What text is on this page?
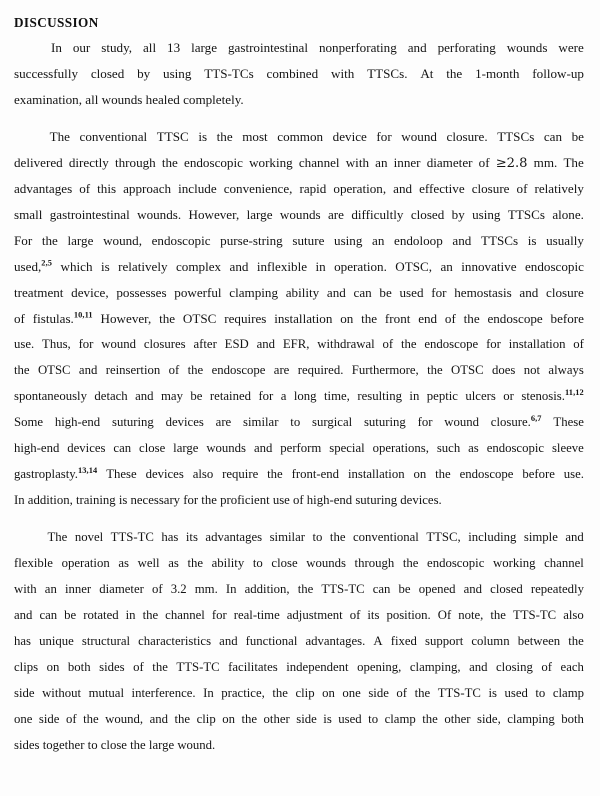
DISCUSSION
In our study, all 13 large gastrointestinal nonperforating and perforating wounds were
successfully closed by using TTS-TCs combined with TTSCs. At the 1-month follow-up
examination, all wounds healed completely.
The conventional TTSC is the most common device for wound closure. TTSCs can be
delivered directly through the endoscopic working channel with an inner diameter of ≥2.8 mm. The
advantages of this approach include convenience, rapid operation, and effective closure of relatively
small gastrointestinal wounds. However, large wounds are difficultly closed by using TTSCs alone.
For the large wound, endoscopic purse-string suture using an endoloop and TTSCs is usually
used,$^{2,5}$ which is relatively complex and inflexible in operation. OTSC, an innovative endoscopic
treatment device, possesses powerful clamping ability and can be used for hemostasis and closure
of fistulas.$^{10,11}$ However, the OTSC requires installation on the front end of the endoscope before
use. Thus, for wound closures after ESD and EFR, withdrawal of the endoscope for installation of
the OTSC and reinsertion of the endoscope are required. Furthermore, the OTSC does not always
spontaneously detach and may be retained for a long time, resulting in peptic ulcers or stenosis.$^{11,12}$
Some high-end suturing devices are similar to surgical suturing for wound closure.$^{6,7}$ These
high-end devices can close large wounds and perform special operations, such as endoscopic sleeve
gastroplasty.$^{13,14}$ These devices also require the front-end installation on the endoscope before use.
In addition, training is necessary for the proficient use of high-end suturing devices.
The novel TTS-TC has its advantages similar to the conventional TTSC, including simple and
flexible operation as well as the ability to close wounds through the endoscopic working channel
with an inner diameter of 3.2 mm. In addition, the TTS-TC can be opened and closed repeatedly
and can be rotated in the channel for real-time adjustment of its position. Of note, the TTS-TC also
has unique structural characteristics and functional advantages. A fixed support column between the
clips on both sides of the TTS-TC facilitates independent opening, clamping, and closing of each
side without mutual interference. In practice, the clip on one side of the TTS-TC is used to clamp
one side of the wound, and the clip on the other side is used to clamp the other side, clamping both
sides together to close the large wound.
